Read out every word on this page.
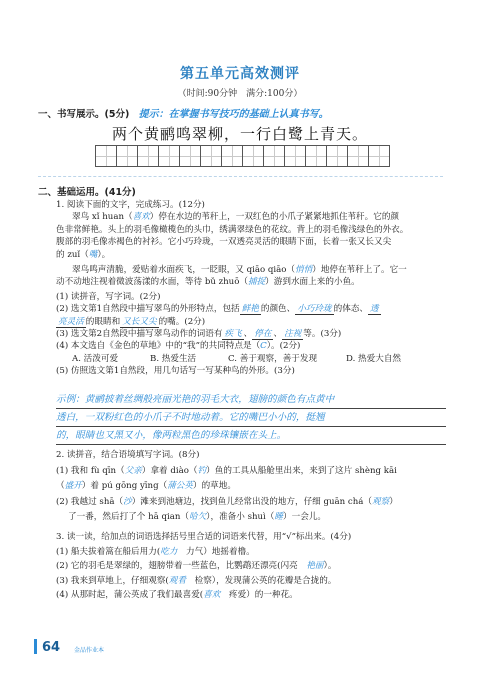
第五单元高效测评
（时间:90分钟　满分:100分）
一、书写展示。(5分) 提示：在掌握书写技巧的基础上认真书写。
两个黄鹂鸣翠柳，一行白鹭上青天。
二、基础运用。(41分)
1. 阅读下面的文字，完成练习。(12分)
翠鸟 xǐ huan（喜欢）停在水边的苇秆上，一双红色的小爪子紧紧地抓住苇秆。它的颜
色非常鲜艳。头上的羽毛像橄榄色的头巾，绣满翠绿色的花纹。背上的羽毛像浅绿色的外衣。
腹部的羽毛像赤褐色的衬衫。它小巧玲珑，一双透亮灵活的眼睛下面，长着一张又长又尖
的 zuǐ（嘴）。
翠鸟鸣声清脆，爱贴着水面疾飞，一眨眼，又 qiāo qiāo（悄悄）地停在苇秆上了。它一
动不动地注视着微波荡漾的水面，等待 bǔ zhuō（捕捉）游到水面上来的小鱼。
(1) 读拼音，写字词。(2分)
(2) 选文第1自然段中描写翠鸟的外形特点，包括 鲜艳 的颜色、 小巧玲珑 的体态、 透
亮灵活 的眼睛和 又长又尖 的嘴。(2分)
(3) 选文第2自然段中描写翠鸟动作的词语有 疾飞 、 停在 、 注视 等。(3分)
(4) 本文选自《金色的草地》中的“我”的共同特点是（C）。(2分)
A. 活泼可爱	B. 热爱生活	C. 善于观察，善于发现	D. 热爱大自然
(5) 仿照选文第1自然段，用几句话写一写某种鸟的外形。(3分)
示例：黄鹂披着丝绸般亮丽光艳的羽毛大衣，翅膀的颜色有点黄中
透白，一双粉红色的小爪子不时地动着。它的嘴巴小小的，挺翘
的，眼睛也又黑又小，像两粒黑色的珍珠镶嵌在头上。
2. 读拼音，结合语境填写字词。(8分)
(1) 我和 fù qīn（父亲）拿着 diào（钓）鱼的工具从船舱里出来，来到了这片 shèng kāi
（盛开）着 pú gōng yīng（蒲公英）的草地。
(2) 我越过 shā（沙）滩来到池塘边，找到鱼儿经常出没的地方，仔细 guān chá（观察）
了一番，然后打了个 hā qian（哈欠），准备小 shuì（睡）一会儿。
3. 读一读，给加点的词语选择括号里合适的词语来代替，用“√”标出来。(4分)
(1) 船夫拔着篙在船后用力(吃力　力气）地摇着橹。
(2) 它的羽毛是翠绿的，翅膀带着一些蓝色，比鹦鹉还漂亮(闪亮　 艳丽）。
(3) 我来到草地上，仔细观察(观看　检察），发现蒲公英的花瓣是合拢的。
(4) 从那时起，蒲公英成了我们最喜爱(喜欢　疼爱）的一种花。
64 金品作业本
